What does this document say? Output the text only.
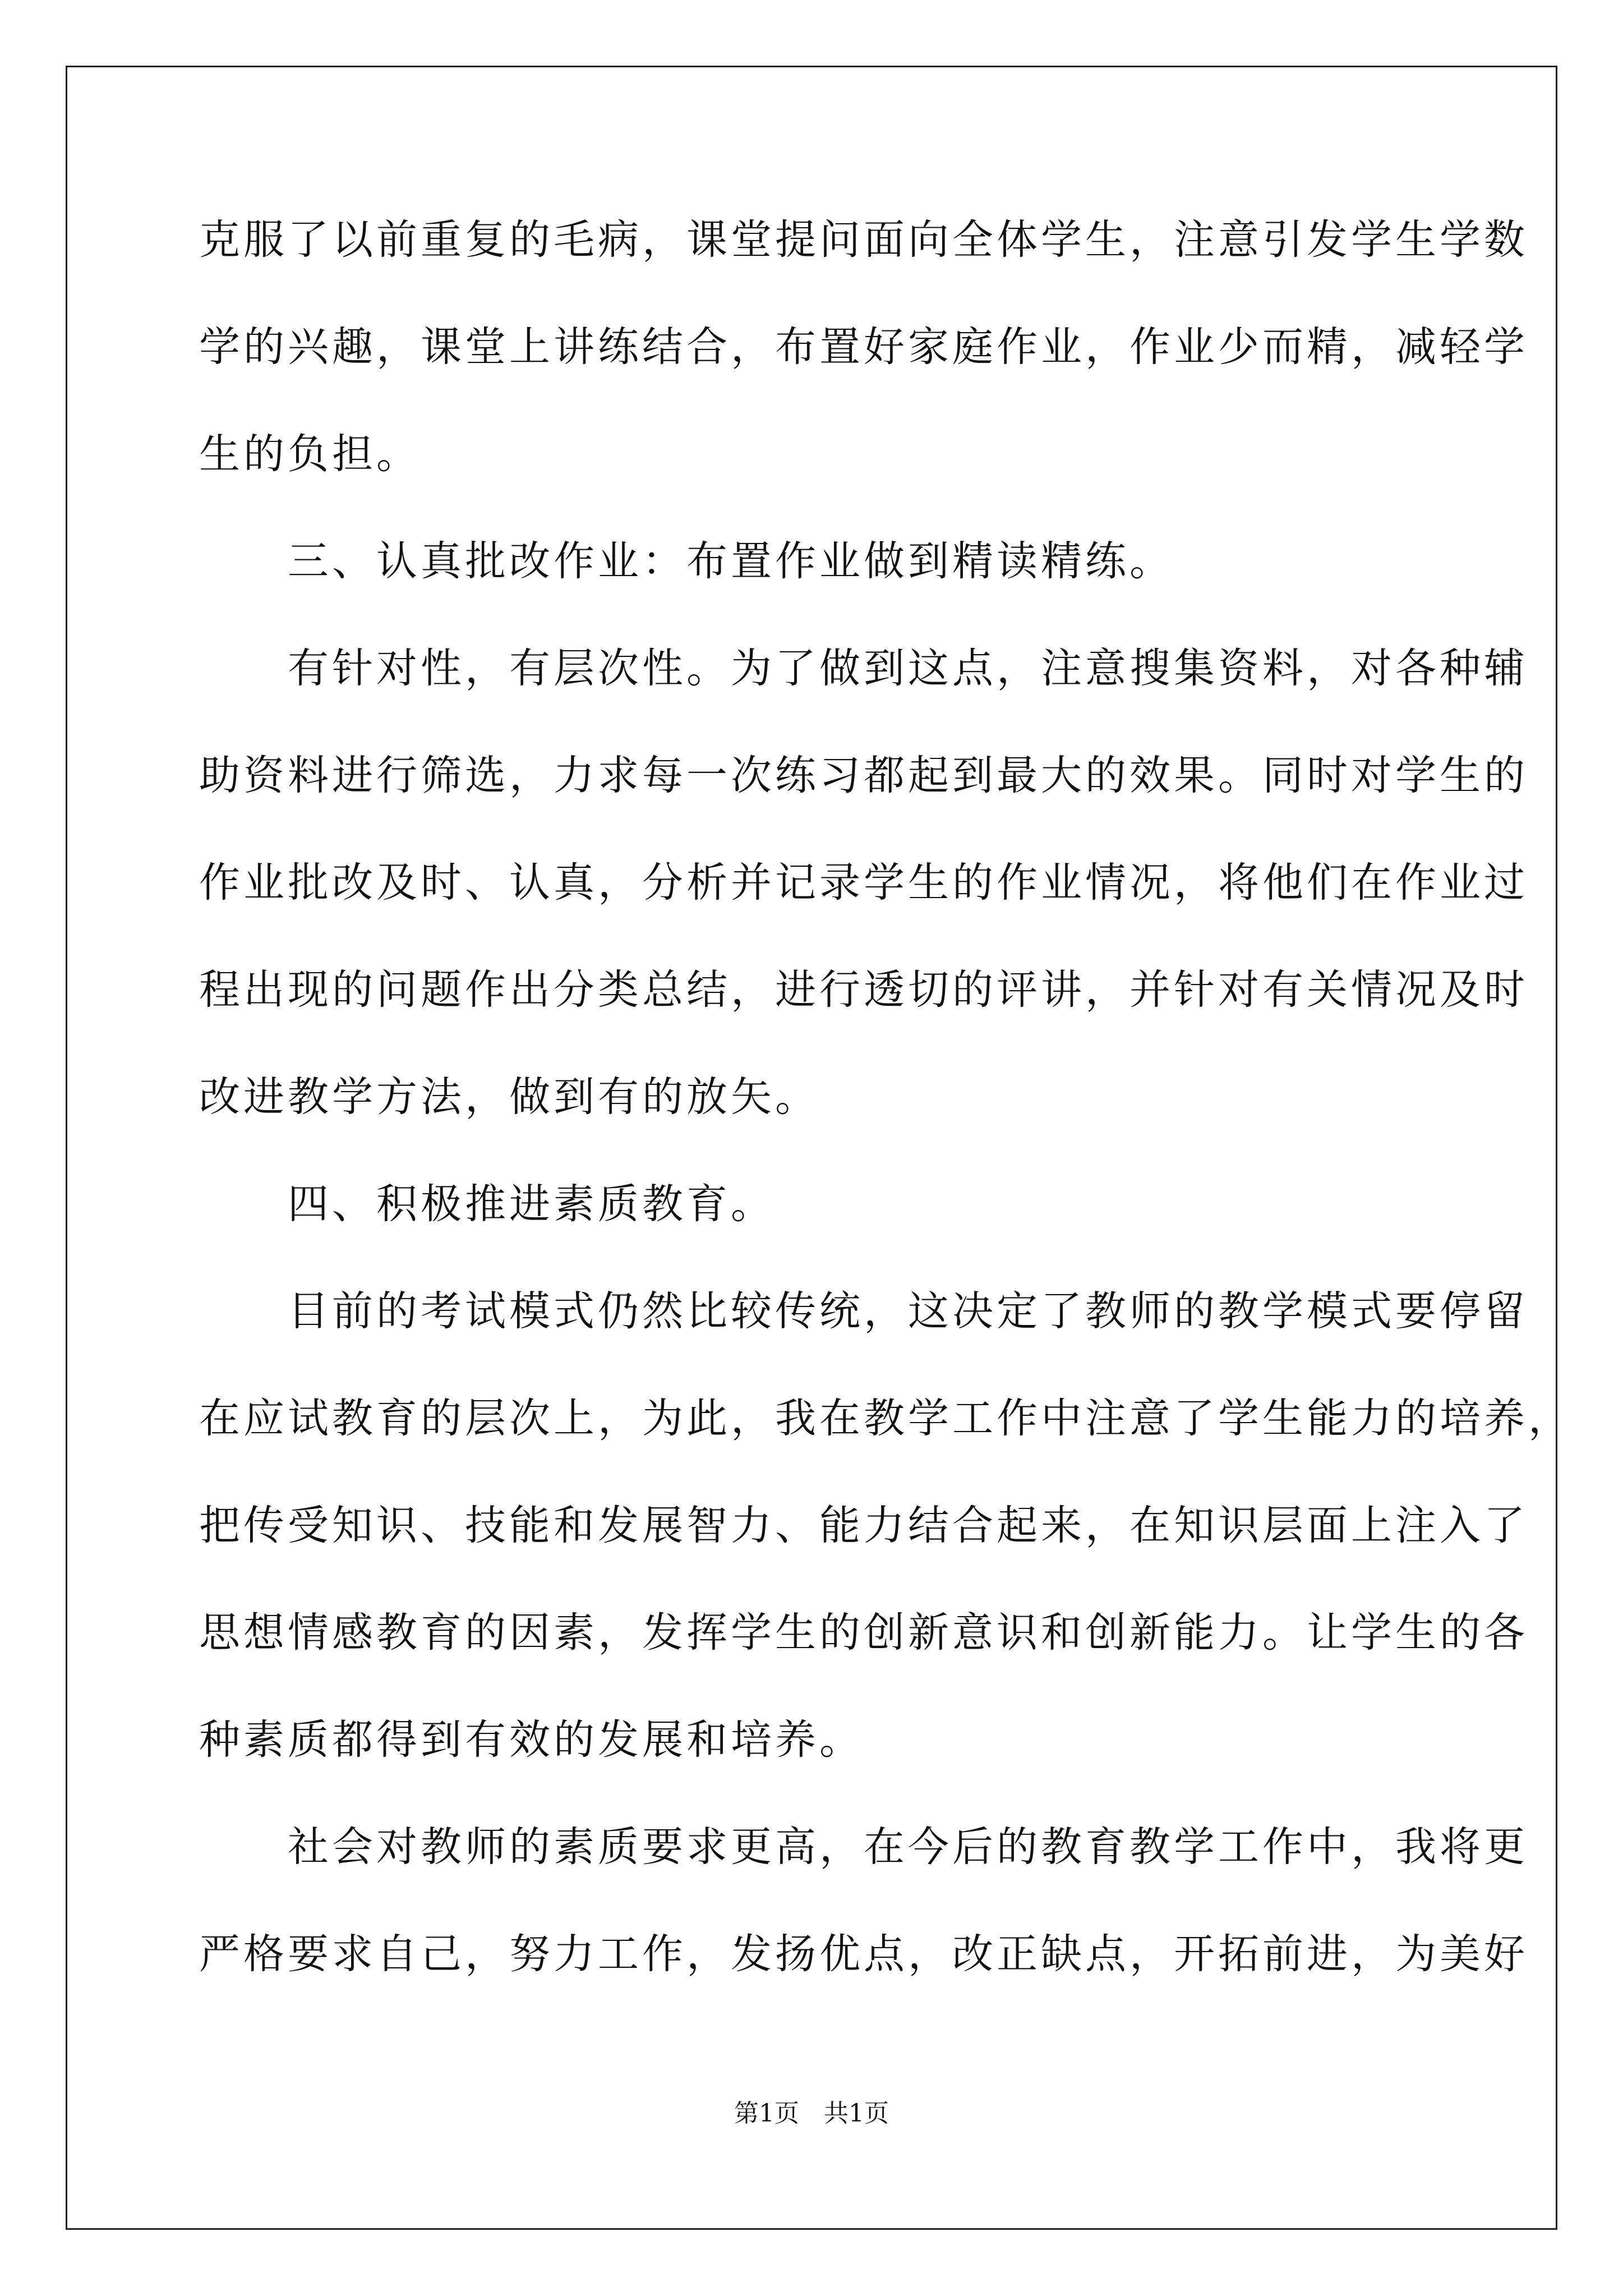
克服了以前重复的毛病，课堂提问面向全体学生，注意引发学生学数
学的兴趣，课堂上讲练结合，布置好家庭作业，作业少而精，减轻学
生的负担。
　　三、认真批改作业：布置作业做到精读精练。
　　有针对性，有层次性。为了做到这点，注意搜集资料，对各种辅
助资料进行筛选，力求每一次练习都起到最大的效果。同时对学生的
作业批改及时、认真，分析并记录学生的作业情况，将他们在作业过
程出现的问题作出分类总结，进行透切的评讲，并针对有关情况及时
改进教学方法，做到有的放矢。
　　四、积极推进素质教育。
　　目前的考试模式仍然比较传统，这决定了教师的教学模式要停留
在应试教育的层次上，为此，我在教学工作中注意了学生能力的培养，
把传受知识、技能和发展智力、能力结合起来，在知识层面上注入了
思想情感教育的因素，发挥学生的创新意识和创新能力。让学生的各
种素质都得到有效的发展和培养。
　　社会对教师的素质要求更高，在今后的教育教学工作中，我将更
严格要求自己，努力工作，发扬优点，改正缺点，开拓前进，为美好
第1页　共1页
